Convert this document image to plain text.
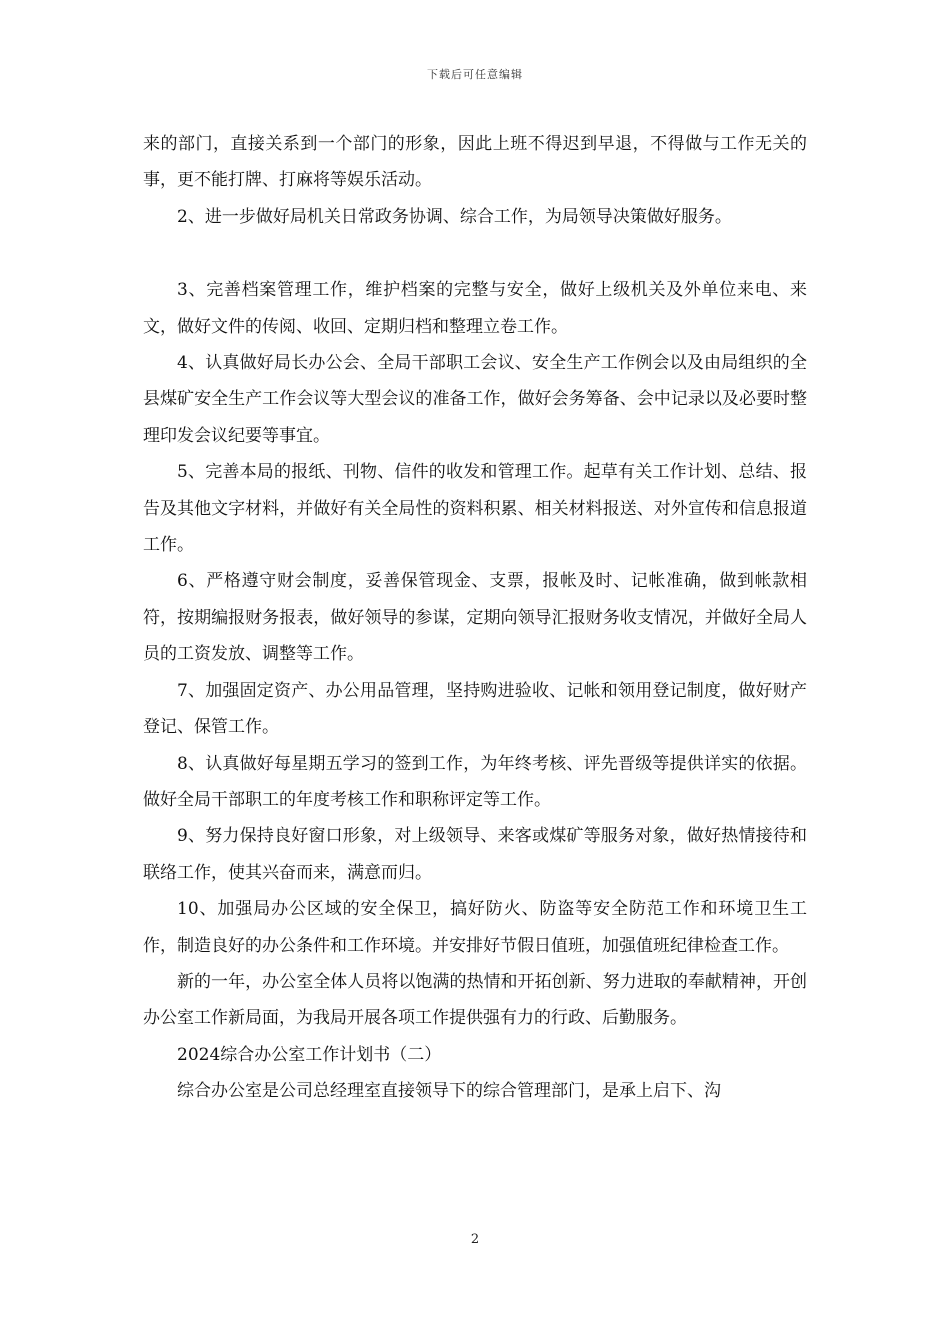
下载后可任意编辑

来的部门，直接关系到一个部门的形象，因此上班不得迟到早退，不得做与工作无关的事，更不能打牌、打麻将等娱乐活动。

2、进一步做好局机关日常政务协调、综合工作，为局领导决策做好服务。

3、完善档案管理工作，维护档案的完整与安全，做好上级机关及外单位来电、来文，做好文件的传阅、收回、定期归档和整理立卷工作。

4、认真做好局长办公会、全局干部职工会议、安全生产工作例会以及由局组织的全县煤矿安全生产工作会议等大型会议的准备工作，做好会务筹备、会中记录以及必要时整理印发会议纪要等事宜。

5、完善本局的报纸、刊物、信件的收发和管理工作。起草有关工作计划、总结、报告及其他文字材料，并做好有关全局性的资料积累、相关材料报送、对外宣传和信息报道工作。

6、严格遵守财会制度，妥善保管现金、支票，报帐及时、记帐准确，做到帐款相符，按期编报财务报表，做好领导的参谋，定期向领导汇报财务收支情况，并做好全局人员的工资发放、调整等工作。

7、加强固定资产、办公用品管理，坚持购进验收、记帐和领用登记制度，做好财产登记、保管工作。

8、认真做好每星期五学习的签到工作，为年终考核、评先晋级等提供详实的依据。做好全局干部职工的年度考核工作和职称评定等工作。

9、努力保持良好窗口形象，对上级领导、来客或煤矿等服务对象，做好热情接待和联络工作，使其兴奋而来，满意而归。

10、加强局办公区域的安全保卫，搞好防火、防盗等安全防范工作和环境卫生工作，制造良好的办公条件和工作环境。并安排好节假日值班，加强值班纪律检查工作。

新的一年，办公室全体人员将以饱满的热情和开拓创新、努力进取的奉献精神，开创办公室工作新局面，为我局开展各项工作提供强有力的行政、后勤服务。

2024综合办公室工作计划书（二）

综合办公室是公司总经理室直接领导下的综合管理部门，是承上启下、沟

2
